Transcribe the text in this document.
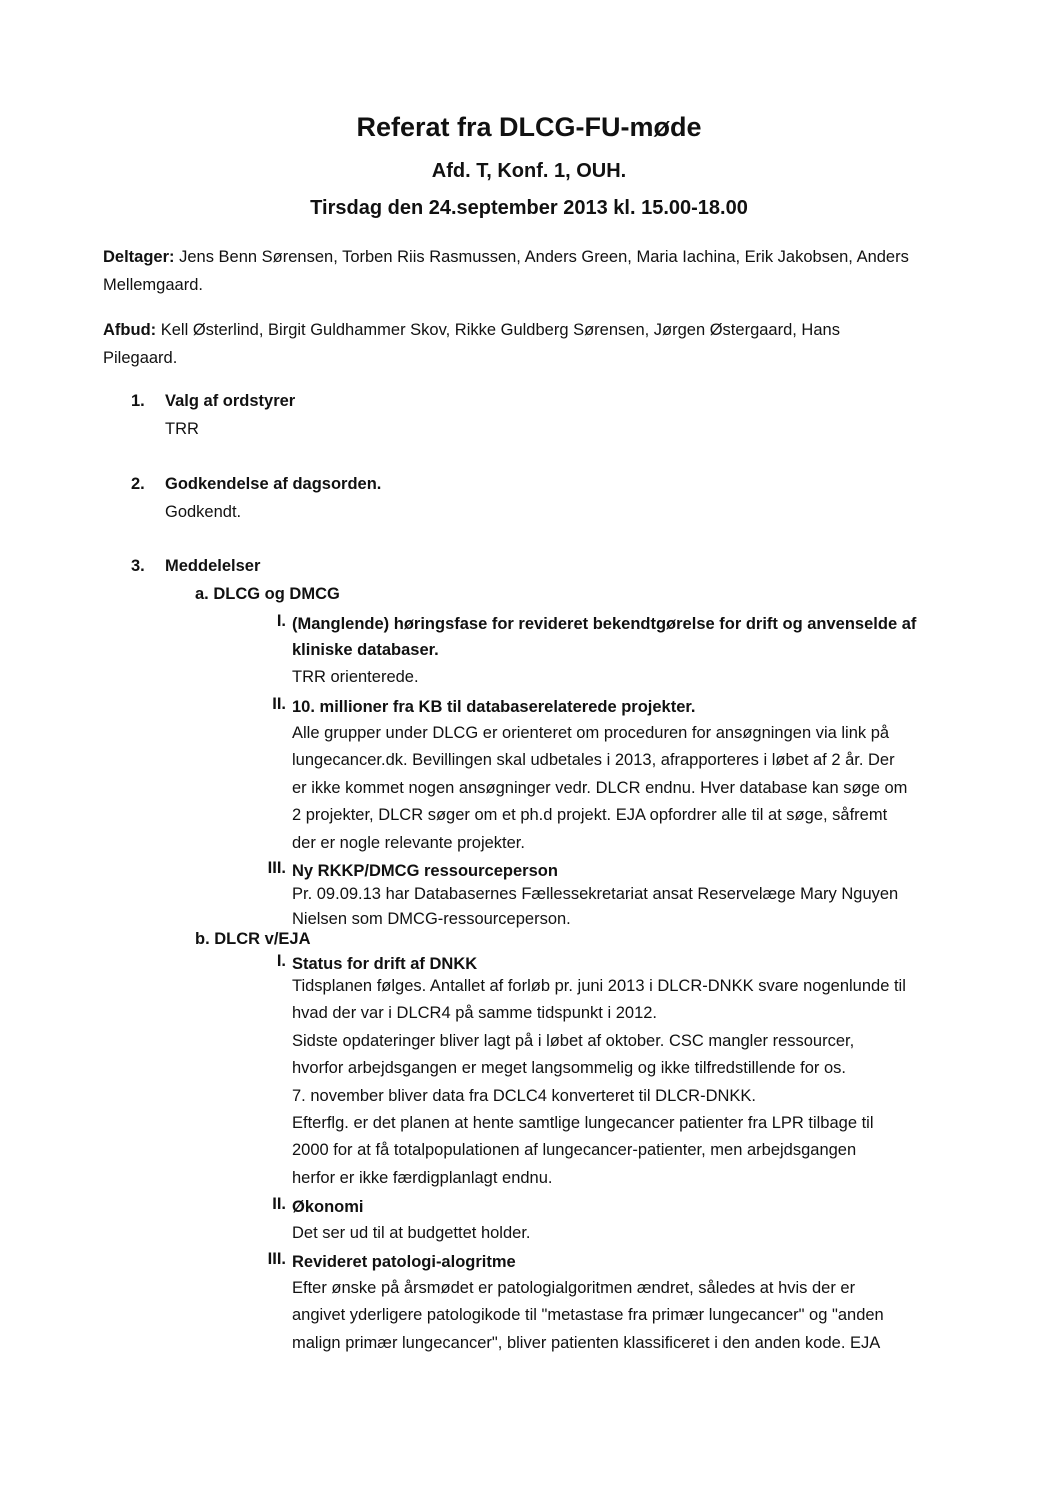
Referat fra DLCG-FU-møde
Afd. T, Konf. 1, OUH.
Tirsdag den 24.september 2013 kl. 15.00-18.00
Deltager: Jens Benn Sørensen, Torben Riis Rasmussen, Anders Green, Maria Iachina, Erik Jakobsen, Anders
Mellemgaard.
Afbud: Kell Østerlind, Birgit Guldhammer Skov, Rikke Guldberg Sørensen, Jørgen Østergaard, Hans
Pilegaard.
1. Valg af ordstyrer
TRR
2. Godkendelse af dagsorden.
Godkendt.
3. Meddelelser
a. DLCG og DMCG
I. (Manglende) høringsfase for revideret bekendtgørelse for drift og anvenselde af
kliniske databaser.
TRR orienterede.
II. 10. millioner fra KB til databaserelaterede projekter.
Alle grupper under DLCG er orienteret om proceduren for ansøgningen via link på
lungecancer.dk. Bevillingen skal udbetales i 2013, afrapporteres i løbet af 2 år. Der
er ikke kommet nogen ansøgninger vedr. DLCR endnu. Hver database kan søge om
2 projekter, DLCR søger om et ph.d projekt. EJA opfordrer alle til at søge, såfremt
der er nogle relevante projekter.
III. Ny RKKP/DMCG ressourceperson
Pr. 09.09.13 har Databasernes Fællessekretariat ansat Reservelæge Mary Nguyen
Nielsen som DMCG-ressourceperson.
b. DLCR v/EJA
I. Status for drift af DNKK
Tidsplanen følges. Antallet af forløb pr. juni 2013 i DLCR-DNKK svare nogenlunde til
hvad der var i DLCR4 på samme tidspunkt i 2012.
Sidste opdateringer bliver lagt på i løbet af oktober. CSC mangler ressourcer,
hvorfor arbejdsgangen er meget langsommelig og ikke tilfredstillende for os.
7. november bliver data fra DCLC4 konverteret til DLCR-DNKK.
Efterflg. er det planen at hente samtlige lungecancer patienter fra LPR tilbage til
2000 for at få totalpopulationen af lungecancer-patienter, men arbejdsgangen
herfor er ikke færdigplanlagt endnu.
II. Økonomi
Det ser ud til at budgettet holder.
III. Revideret patologi-alogritme
Efter ønske på årsmødet er patologialgoritmen ændret, således at hvis der er
angivet yderligere patologikode til "metastase fra primær lungecancer" og "anden
malign primær lungecancer", bliver patienten klassificeret i den anden kode. EJA
